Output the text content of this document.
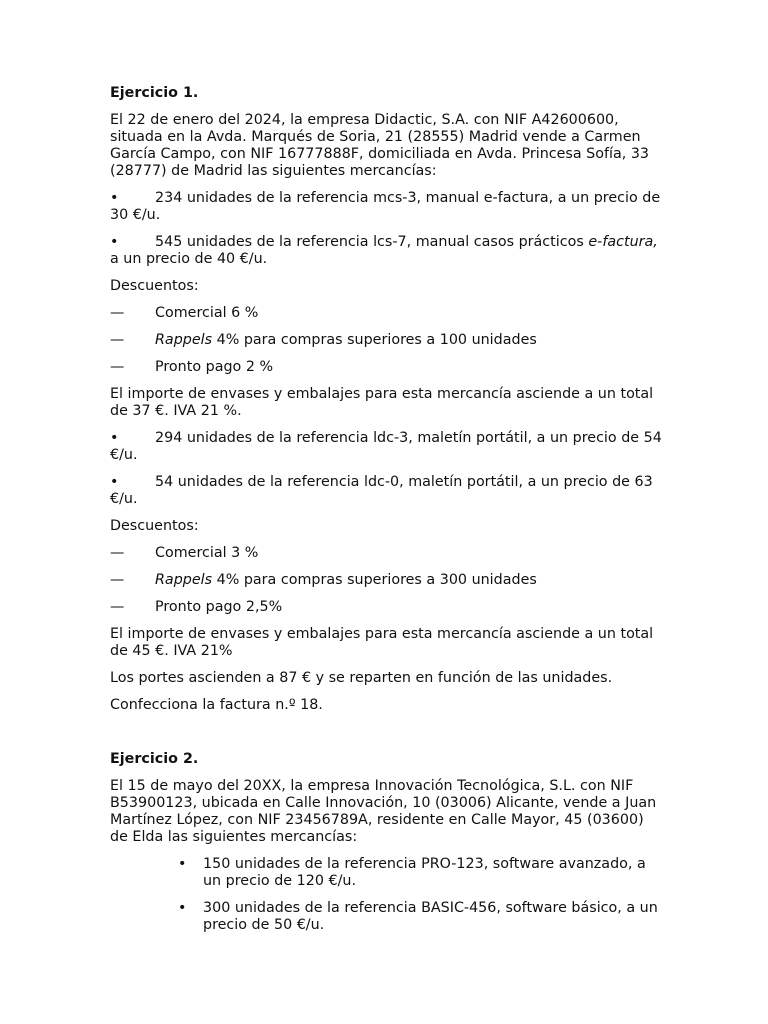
Ejercicio 1.

El 22 de enero del 2024, la empresa Didactic, S.A. con NIF A42600600, situada en la Avda. Marqués de Soria, 21 (28555) Madrid vende a Carmen García Campo, con NIF 16777888F, domiciliada en Avda. Princesa Sofía, 33 (28777) de Madrid las siguientes mercancías:

•	234 unidades de la referencia mcs-3, manual e-factura, a un precio de 30 €/u.
•	545 unidades de la referencia lcs-7, manual casos prácticos e-factura, a un precio de 40 €/u.

Descuentos:

— Comercial 6 %
— Rappels 4% para compras superiores a 100 unidades
— Pronto pago 2 %

El importe de envases y embalajes para esta mercancía asciende a un total de 37 €. IVA 21 %.

•	294 unidades de la referencia ldc-3, maletín portátil, a un precio de 54 €/u.
•	54 unidades de la referencia ldc-0, maletín portátil, a un precio de 63 €/u.

Descuentos:

— Comercial 3 %
— Rappels 4% para compras superiores a 300 unidades
— Pronto pago 2,5%

El importe de envases y embalajes para esta mercancía asciende a un total de 45 €. IVA 21%

Los portes ascienden a 87 € y se reparten en función de las unidades.

Confecciona la factura n.º 18.

Ejercicio 2.

El 15 de mayo del 20XX, la empresa Innovación Tecnológica, S.L. con NIF B53900123, ubicada en Calle Innovación, 10 (03006) Alicante, vende a Juan Martínez López, con NIF 23456789A, residente en Calle Mayor, 45 (03600) de Elda las siguientes mercancías:

• 150 unidades de la referencia PRO-123, software avanzado, a un precio de 120 €/u.
• 300 unidades de la referencia BASIC-456, software básico, a un precio de 50 €/u.
